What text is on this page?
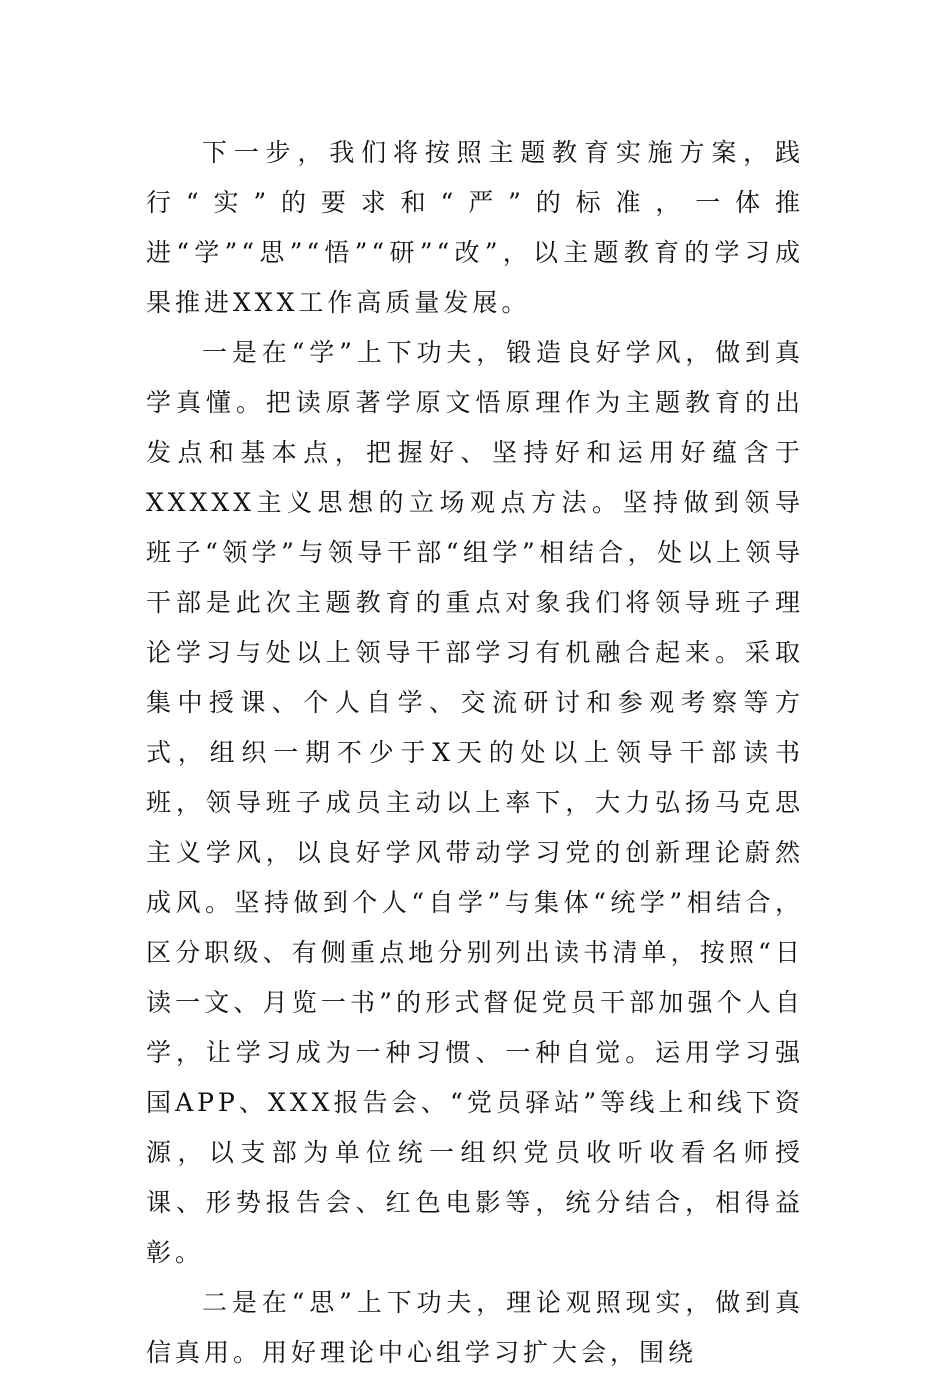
下一步，我们将按照主题教育实施方案，践行“实”的要求和“严”的标准，一体推进“学”“思”“悟”“研”“改”，以主题教育的学习成果推进XXX工作高质量发展。

一是在“学”上下功夫，锻造良好学风，做到真学真懂。把读原著学原文悟原理作为主题教育的出发点和基本点，把握好、坚持好和运用好蕴含于XXXXX主义思想的立场观点方法。坚持做到领导班子“领学”与领导干部“组学”相结合，处以上领导干部是此次主题教育的重点对象我们将领导班子理论学习与处以上领导干部学习有机融合起来。采取集中授课、个人自学、交流研讨和参观考察等方式，组织一期不少于X天的处以上领导干部读书班，领导班子成员主动以上率下，大力弘扬马克思主义学风，以良好学风带动学习党的创新理论蔚然成风。坚持做到个人“自学”与集体“统学”相结合，区分职级、有侧重点地分别列出读书清单，按照“日读一文、月览一书”的形式督促党员干部加强个人自学，让学习成为一种习惯、一种自觉。运用学习强国APP、XXX报告会、“党员驿站”等线上和线下资源，以支部为单位统一组织党员收听收看名师授课、形势报告会、红色电影等，统分结合，相得益彰。

二是在“思”上下功夫，理论观照现实，做到真信真用。用好理论中心组学习扩大会，围绕
